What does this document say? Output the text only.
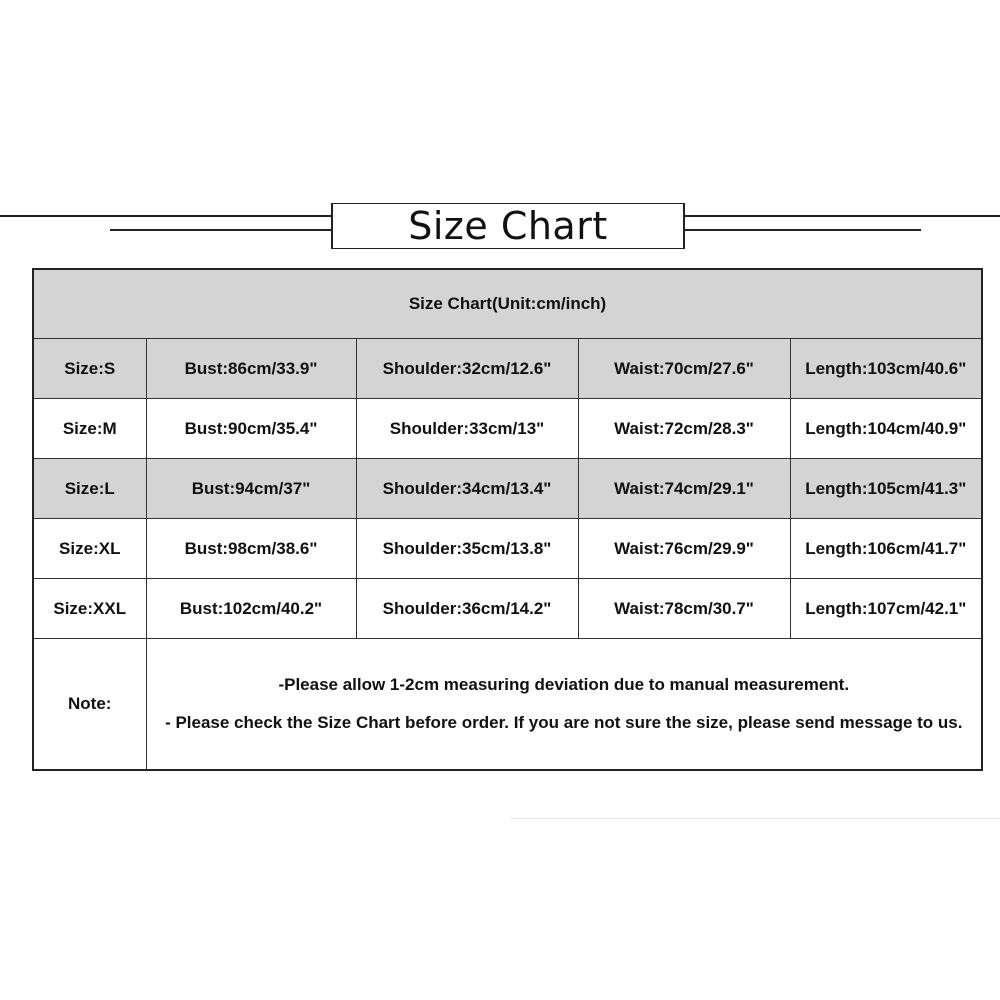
Size Chart
Size Chart(Unit:cm/inch)				
Size:S	Bust:86cm/33.9"	Shoulder:32cm/12.6"	Waist:70cm/27.6"	Length:103cm/40.6"
Size:M	Bust:90cm/35.4"	Shoulder:33cm/13"	Waist:72cm/28.3"	Length:104cm/40.9"
Size:L	Bust:94cm/37"	Shoulder:34cm/13.4"	Waist:74cm/29.1"	Length:105cm/41.3"
Size:XL	Bust:98cm/38.6"	Shoulder:35cm/13.8"	Waist:76cm/29.9"	Length:106cm/41.7"
Size:XXL	Bust:102cm/40.2"	Shoulder:36cm/14.2"	Waist:78cm/30.7"	Length:107cm/42.1"
Note:	-Please allow 1-2cm measuring deviation due to manual measurement.
- Please check the Size Chart before order. If you are not sure the size, please send message to us.			
